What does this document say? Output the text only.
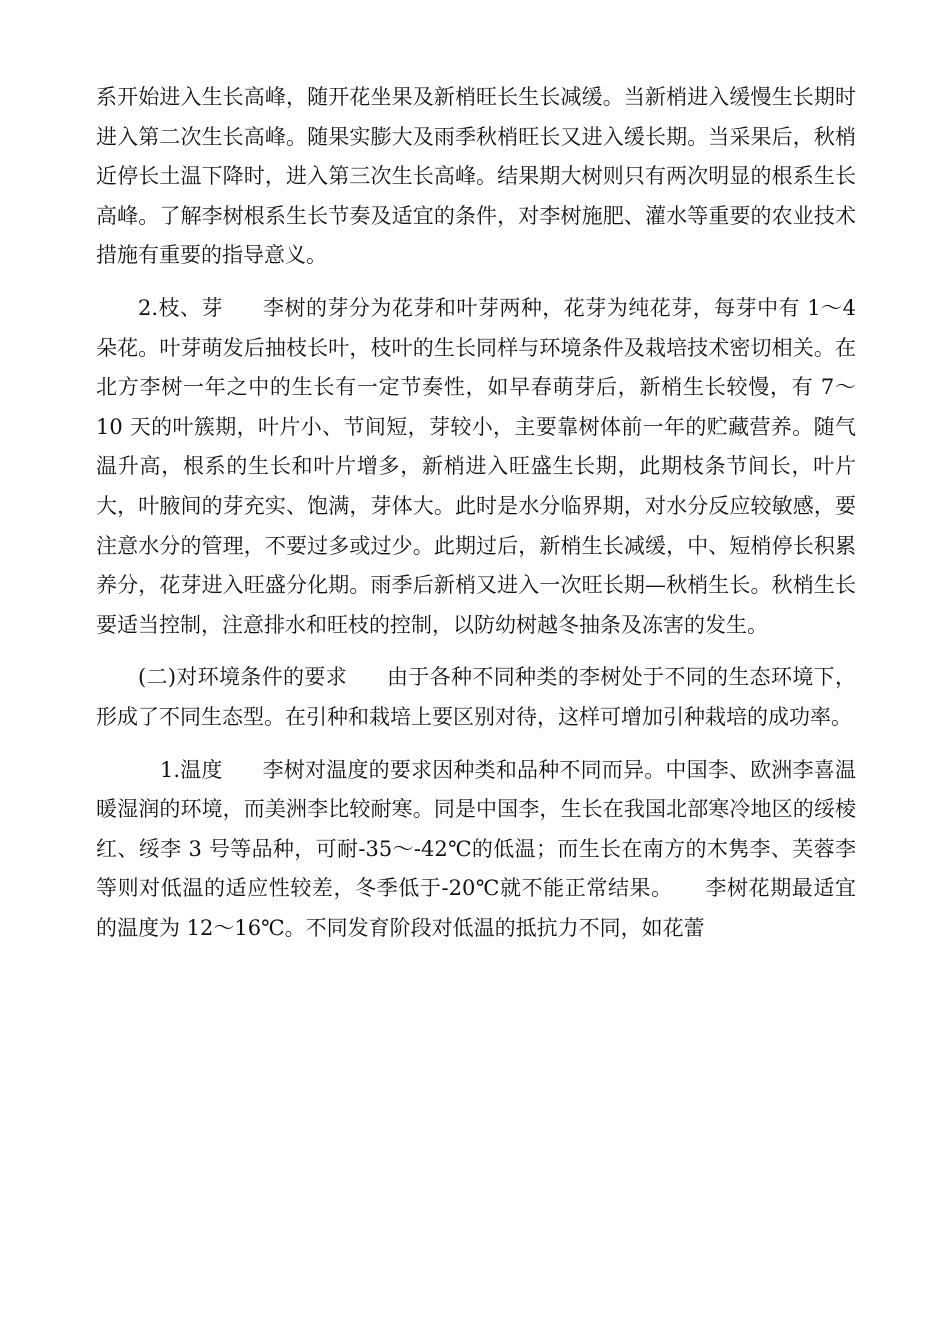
系开始进入生长高峰，随开花坐果及新梢旺长生长减缓。当新梢进入缓慢生长期时进入第二次生长高峰。随果实膨大及雨季秋梢旺长又进入缓长期。当采果后，秋梢近停长土温下降时，进入第三次生长高峰。结果期大树则只有两次明显的根系生长高峰。了解李树根系生长节奏及适宜的条件，对李树施肥、灌水等重要的农业技术措施有重要的指导意义。

2.枝、芽 李树的芽分为花芽和叶芽两种，花芽为纯花芽，每芽中有 1～4 朵花。叶芽萌发后抽枝长叶，枝叶的生长同样与环境条件及栽培技术密切相关。在北方李树一年之中的生长有一定节奏性，如早春萌芽后，新梢生长较慢，有 7～10 天的叶簇期，叶片小、节间短，芽较小，主要靠树体前一年的贮藏营养。随气温升高，根系的生长和叶片增多，新梢进入旺盛生长期，此期枝条节间长，叶片大，叶腋间的芽充实、饱满，芽体大。此时是水分临界期，对水分反应较敏感，要注意水分的管理，不要过多或过少。此期过后，新梢生长减缓，中、短梢停长积累养分，花芽进入旺盛分化期。雨季后新梢又进入一次旺长期—秋梢生长。秋梢生长要适当控制，注意排水和旺枝的控制，以防幼树越冬抽条及冻害的发生。

(二)对环境条件的要求 由于各种不同种类的李树处于不同的生态环境下，形成了不同生态型。在引种和栽培上要区别对待，这样可增加引种栽培的成功率。

1.温度 李树对温度的要求因种类和品种不同而异。中国李、欧洲李喜温暖湿润的环境，而美洲李比较耐寒。同是中国李，生长在我国北部寒冷地区的绥棱红、绥李 3 号等品种，可耐-35～-42℃的低温；而生长在南方的木隽李、芙蓉李等则对低温的适应性较差，冬季低于-20℃就不能正常结果。　　李树花期最适宜的温度为 12～16℃。不同发育阶段对低温的抵抗力不同，如花蕾
